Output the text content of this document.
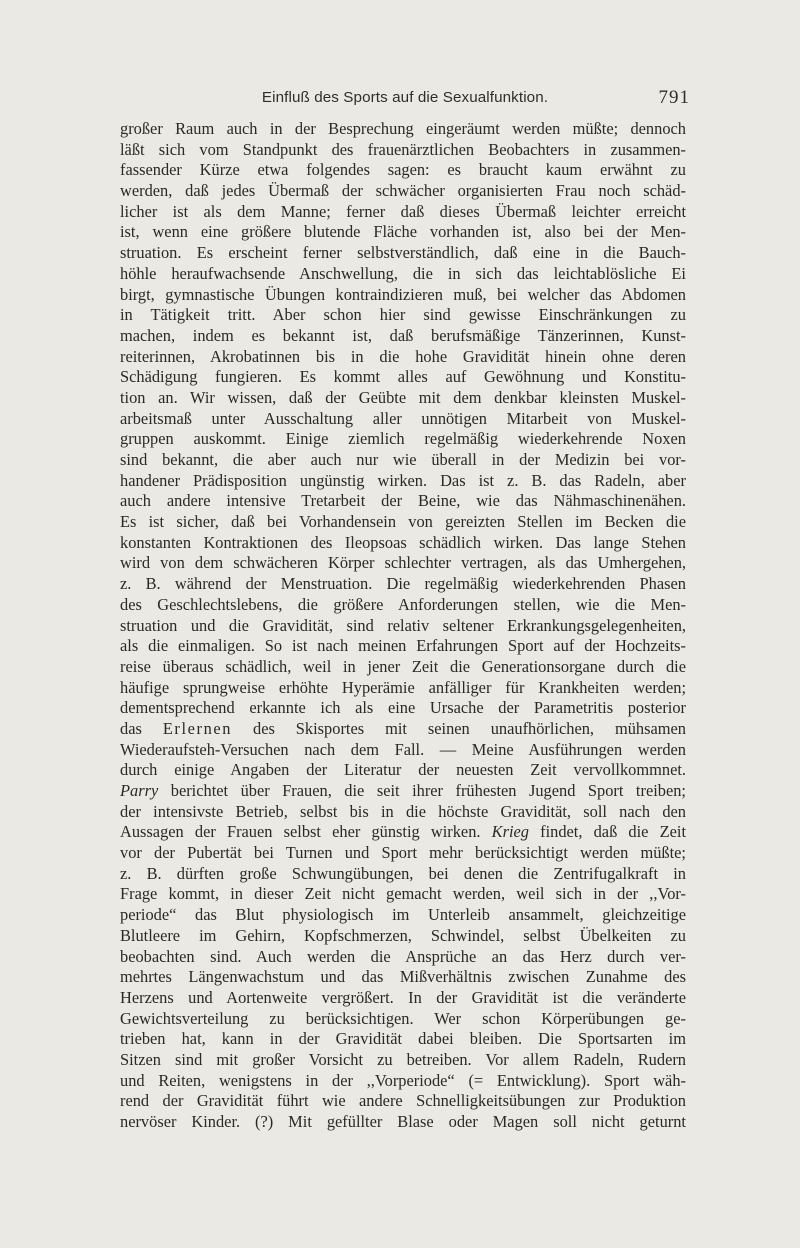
Einfluß des Sports auf die Sexualfunktion.	791
großer Raum auch in der Besprechung eingeräumt werden müßte; dennoch
läßt sich vom Standpunkt des frauenärztlichen Beobachters in zusammen-
fassender Kürze etwa folgendes sagen: es braucht kaum erwähnt zu
werden, daß jedes Übermaß der schwächer organisierten Frau noch schäd-
licher ist als dem Manne; ferner daß dieses Übermaß leichter erreicht
ist, wenn eine größere blutende Fläche vorhanden ist, also bei der Men-
struation. Es erscheint ferner selbstverständlich, daß eine in die Bauch-
höhle heraufwachsende Anschwellung, die in sich das leichtablösliche Ei
birgt, gymnastische Übungen kontraindizieren muß, bei welcher das Abdomen
in Tätigkeit tritt. Aber schon hier sind gewisse Einschränkungen zu
machen, indem es bekannt ist, daß berufsmäßige Tänzerinnen, Kunst-
reiterinnen, Akrobatinnen bis in die hohe Gravidität hinein ohne deren
Schädigung fungieren. Es kommt alles auf Gewöhnung und Konstitu-
tion an. Wir wissen, daß der Geübte mit dem denkbar kleinsten Muskel-
arbeitsmaß unter Ausschaltung aller unnötigen Mitarbeit von Muskel-
gruppen auskommt. Einige ziemlich regelmäßig wiederkehrende Noxen
sind bekannt, die aber auch nur wie überall in der Medizin bei vor-
handener Prädisposition ungünstig wirken. Das ist z. B. das Radeln, aber
auch andere intensive Tretarbeit der Beine, wie das Nähmaschinenähen.
Es ist sicher, daß bei Vorhandensein von gereizten Stellen im Becken die
konstanten Kontraktionen des Ileopsoas schädlich wirken. Das lange Stehen
wird von dem schwächeren Körper schlechter vertragen, als das Umhergehen,
z. B. während der Menstruation. Die regelmäßig wiederkehrenden Phasen
des Geschlechtslebens, die größere Anforderungen stellen, wie die Men-
struation und die Gravidität, sind relativ seltener Erkrankungsgelegenheiten,
als die einmaligen. So ist nach meinen Erfahrungen Sport auf der Hochzeits-
reise überaus schädlich, weil in jener Zeit die Generationsorgane durch die
häufige sprungweise erhöhte Hyperämie anfälliger für Krankheiten werden;
dementsprechend erkannte ich als eine Ursache der Parametritis posterior
das Erlernen des Skisportes mit seinen unaufhörlichen, mühsamen
Wiederaufsteh-Versuchen nach dem Fall. — Meine Ausführungen werden
durch einige Angaben der Literatur der neuesten Zeit vervollkommnet.
Parry berichtet über Frauen, die seit ihrer frühesten Jugend Sport treiben;
der intensivste Betrieb, selbst bis in die höchste Gravidität, soll nach den
Aussagen der Frauen selbst eher günstig wirken. Krieg findet, daß die Zeit
vor der Pubertät bei Turnen und Sport mehr berücksichtigt werden müßte;
z. B. dürften große Schwungübungen, bei denen die Zentrifugalkraft in
Frage kommt, in dieser Zeit nicht gemacht werden, weil sich in der ,,Vor-
periode“ das Blut physiologisch im Unterleib ansammelt, gleichzeitige
Blutleere im Gehirn, Kopfschmerzen, Schwindel, selbst Übelkeiten zu
beobachten sind. Auch werden die Ansprüche an das Herz durch ver-
mehrtes Längenwachstum und das Mißverhältnis zwischen Zunahme des
Herzens und Aortenweite vergrößert. In der Gravidität ist die veränderte
Gewichtsverteilung zu berücksichtigen. Wer schon Körperübungen ge-
trieben hat, kann in der Gravidität dabei bleiben. Die Sportsarten im
Sitzen sind mit großer Vorsicht zu betreiben. Vor allem Radeln, Rudern
und Reiten, wenigstens in der ,,Vorperiode“ (= Entwicklung). Sport wäh-
rend der Gravidität führt wie andere Schnelligkeitsübungen zur Produktion
nervöser Kinder. (?) Mit gefüllter Blase oder Magen soll nicht geturnt
